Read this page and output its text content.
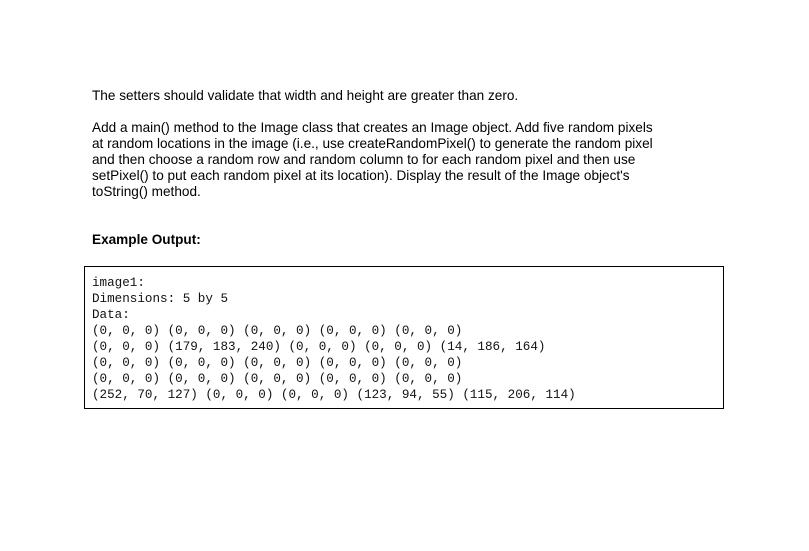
The setters should validate that width and height are greater than zero.

Add a main() method to the Image class that creates an Image object. Add five random pixels
at random locations in the image (i.e., use createRandomPixel() to generate the random pixel
and then choose a random row and random column to for each random pixel and then use
setPixel() to put each random pixel at its location). Display the result of the Image object's
toString() method.

Example Output:

image1:
Dimensions: 5 by 5
Data:
(0, 0, 0) (0, 0, 0) (0, 0, 0) (0, 0, 0) (0, 0, 0)
(0, 0, 0) (179, 183, 240) (0, 0, 0) (0, 0, 0) (14, 186, 164)
(0, 0, 0) (0, 0, 0) (0, 0, 0) (0, 0, 0) (0, 0, 0)
(0, 0, 0) (0, 0, 0) (0, 0, 0) (0, 0, 0) (0, 0, 0)
(252, 70, 127) (0, 0, 0) (0, 0, 0) (123, 94, 55) (115, 206, 114)
